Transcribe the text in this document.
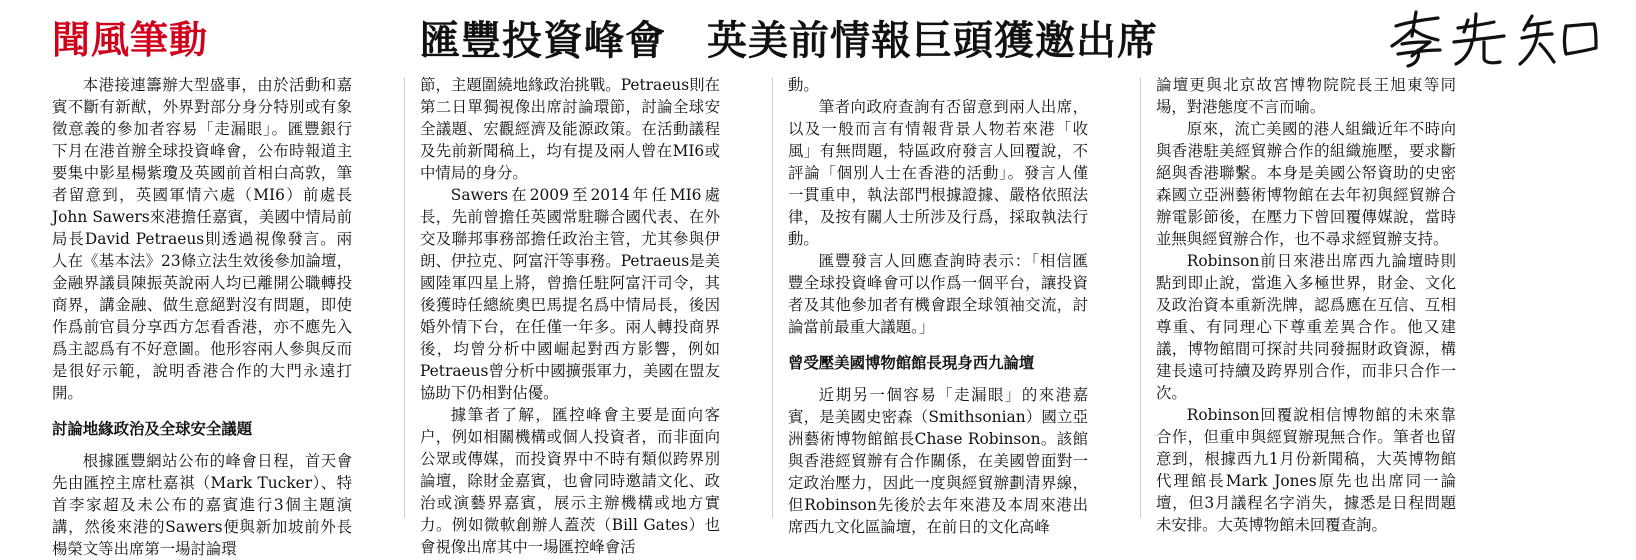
聞風筆動	匯豐投資峰會　英美前情報巨頭獲邀出席

本港接連籌辦大型盛事，由於活動和嘉賓不斷有新猷，外界對部分身分特別或有象徵意義的參加者容易「走漏眼」。匯豐銀行下月在港首辦全球投資峰會，公布時報道主要集中影星楊紫瓊及英國前首相白高敦，筆者留意到，英國軍情六處（MI6）前處長John Sawers來港擔任嘉賓，美國中情局前局長David Petraeus則透過視像發言。兩人在《基本法》23條立法生效後參加論壇，金融界議員陳振英說兩人均已離開公職轉投商界，講金融、做生意絕對沒有問題，即使作爲前官員分享西方怎看香港，亦不應先入爲主認爲有不好意圖。他形容兩人參與反而是很好示範，說明香港合作的大門永遠打開。

討論地緣政治及全球安全議題

根據匯豐網站公布的峰會日程，首天會先由匯控主席杜嘉祺（Mark Tucker）、特首李家超及未公布的嘉賓進行3個主題演講，然後來港的Sawers便與新加坡前外長楊榮文等出席第一場討論環

節，主題圍繞地緣政治挑戰。Petraeus則在第二日單獨視像出席討論環節，討論全球安全議題、宏觀經濟及能源政策。在活動議程及先前新聞稿上，均有提及兩人曾在MI6或中情局的身分。

Sawers在2009至2014年任MI6處長，先前曾擔任英國常駐聯合國代表、在外交及聯邦事務部擔任政治主管，尤其參與伊朗、伊拉克、阿富汗等事務。Petraeus是美國陸軍四星上將，曾擔任駐阿富汗司令，其後獲時任總統奧巴馬提名爲中情局長，後因婚外情下台，在任僅一年多。兩人轉投商界後，均曾分析中國崛起對西方影響，例如Petraeus曾分析中國擴張軍力，美國在盟友協助下仍相對佔優。

據筆者了解，匯控峰會主要是面向客户，例如相關機構或個人投資者，而非面向公眾或傳媒，而投資界中不時有類似跨界別論壇，除財金嘉賓，也會同時邀請文化、政治或演藝界嘉賓，展示主辦機構或地方實力。例如微軟創辦人蓋茨（Bill Gates）也會視像出席其中一場匯控峰會活

動。

筆者向政府查詢有否留意到兩人出席，以及一般而言有情報背景人物若來港「收風」有無問題，特區政府發言人回覆說，不評論「個別人士在香港的活動」。發言人僅一貫重申，執法部門根據證據、嚴格依照法律，及按有關人士所涉及行爲，採取執法行動。

匯豐發言人回應查詢時表示：「相信匯豐全球投資峰會可以作爲一個平台，讓投資者及其他參加者有機會跟全球領袖交流，討論當前最重大議題。」

曾受壓美國博物館館長現身西九論壇

近期另一個容易「走漏眼」的來港嘉賓，是美國史密森（Smithsonian）國立亞洲藝術博物館館長Chase Robinson。該館與香港經貿辦有合作關係，在美國曾面對一定政治壓力，因此一度與經貿辦劃清界線，但Robinson先後於去年來港及本周來港出席西九文化區論壇，在前日的文化高峰

論壇更與北京故宮博物院院長王旭東等同場，對港態度不言而喻。

原來，流亡美國的港人組織近年不時向與香港駐美經貿辦合作的組織施壓，要求斷絕與香港聯繫。本身是美國公帑資助的史密森國立亞洲藝術博物館在去年初與經貿辦合辦電影節後，在壓力下曾回覆傳媒說，當時並無與經貿辦合作，也不尋求經貿辦支持。

Robinson前日來港出席西九論壇時則點到即止說，當進入多極世界，財金、文化及政治資本重新洗牌，認爲應在互信、互相尊重、有同理心下尊重差異合作。他又建議，博物館間可探討共同發掘財政資源，構建長遠可持續及跨界別合作，而非只合作一次。

Robinson回覆說相信博物館的未來靠合作，但重申與經貿辦現無合作。筆者也留意到，根據西九1月份新聞稿，大英博物館代理館長Mark Jones原先也出席同一論壇，但3月議程名字消失，據悉是日程問題未安排。大英博物館未回覆查詢。
